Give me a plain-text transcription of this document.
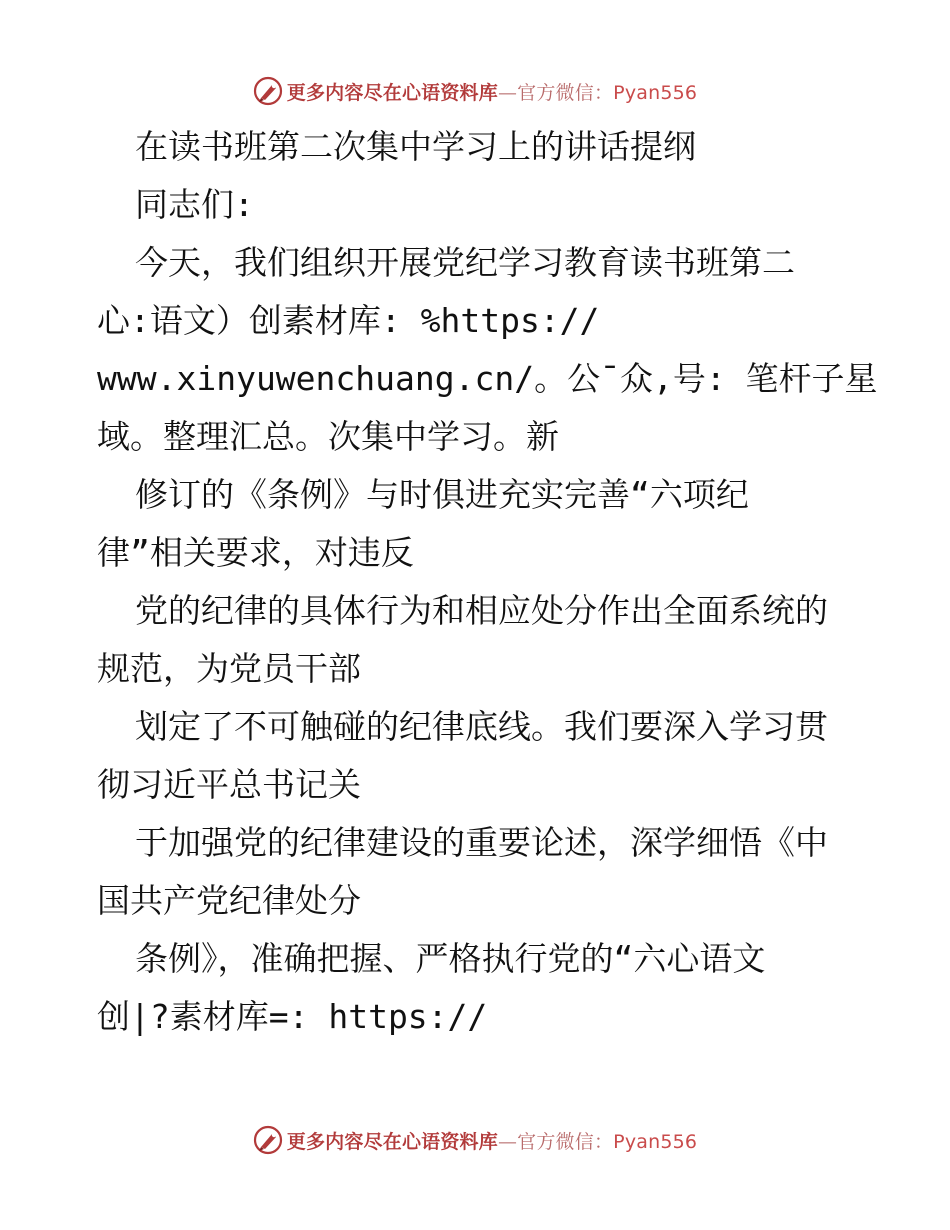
更多内容尽在心语资料库—官方微信：Pyan556
在读书班第二次集中学习上的讲话提纲
同志们:
今天，我们组织开展党纪学习教育读书班第二
心:语文）创素材库: %https://
www.xinyuwenchuang.cn/。公¯众,号: 笔杆子星
域。整理汇总。次集中学习。新
修订的《条例》与时俱进充实完善“六项纪
律”相关要求，对违反
党的纪律的具体行为和相应处分作出全面系统的
规范，为党员干部
划定了不可触碰的纪律底线。我们要深入学习贯
彻习近平总书记关
于加强党的纪律建设的重要论述，深学细悟《中
国共产党纪律处分
条例》，准确把握、严格执行党的“六心语文
创|?素材库=: https://
更多内容尽在心语资料库—官方微信：Pyan556
